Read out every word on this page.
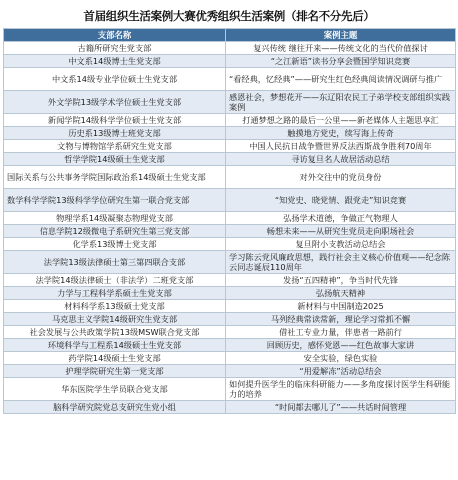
首届组织生活案例大赛优秀组织生活案例（排名不分先后）
支部名称	案例主题
古籍所研究生党支部	复兴传统 继往开来——传统文化的当代价值探讨
中文系14级博士生党支部	“之江新语”读书分享会暨国学知识竞赛
中文系14级专业学位硕士生党支部	“看经典，忆经典”——研究生红色经典阅读情况调研与推广
外文学院13级学术学位硕士生党支部	感恩社会，梦想花开——东辽阳农民工子弟学校支部组织实践案例
新闻学院14级科学学位硕士生党支部	打通梦想之路的最后一公里——新老媒体人主题思享汇
历史系13级博士班党支部	触摸地方党史，续写海上传奇
文物与博物馆学系研究生党支部	中国人民抗日战争暨世界反法西斯战争胜利70周年
哲学学院14级硕士生党支部	寻访复旦名人故居活动总结
国际关系与公共事务学院国际政治系14级硕士生党支部	对外交往中的党员身份
数学科学学院13级科学学位研究生第一联合党支部	“知党史、晓党情、跟党走”知识竞赛
物理学系14级凝聚态物理党支部	弘扬学术道德，争做正气物理人
信息学院12级微电子系研究生第三党支部	畅想未来——从研究生党员走向职场社会
化学系13级博士党支部	复旦附小支教活动总结会
法学院13级法律硕士第三第四联合支部	学习陈云党风廉政思想，践行社会主义核心价值观——纪念陈云同志诞辰110周年
法学院14级法律硕士（非法学）二班党支部	发扬“五四精神”，争当时代先锋
力学与工程科学系硕士生党支部	弘扬航天精神
材料科学系13级硕士党支部	新材料与中国制造2025
马克思主义学院14级研究生党支部	马列经典常读常新，理论学习常抓不懈
社会发展与公共政策学院13级MSW联合党支部	借社工专业力量，伴患者一路前行
环境科学与工程系14级硕士生党支部	回顾历史，感怀党恩——红色故事大家讲
药学院14级硕士生党支部	安全实验，绿色实验
护理学院研究生第一党支部	“用爱解冻”活动总结会
华东医院学生学员联合党支部	如何提升医学生的临床科研能力——多角度探讨医学生科研能力的培养
脑科学研究院党总支研究生党小组	“时间都去哪儿了”——共话时间管理
